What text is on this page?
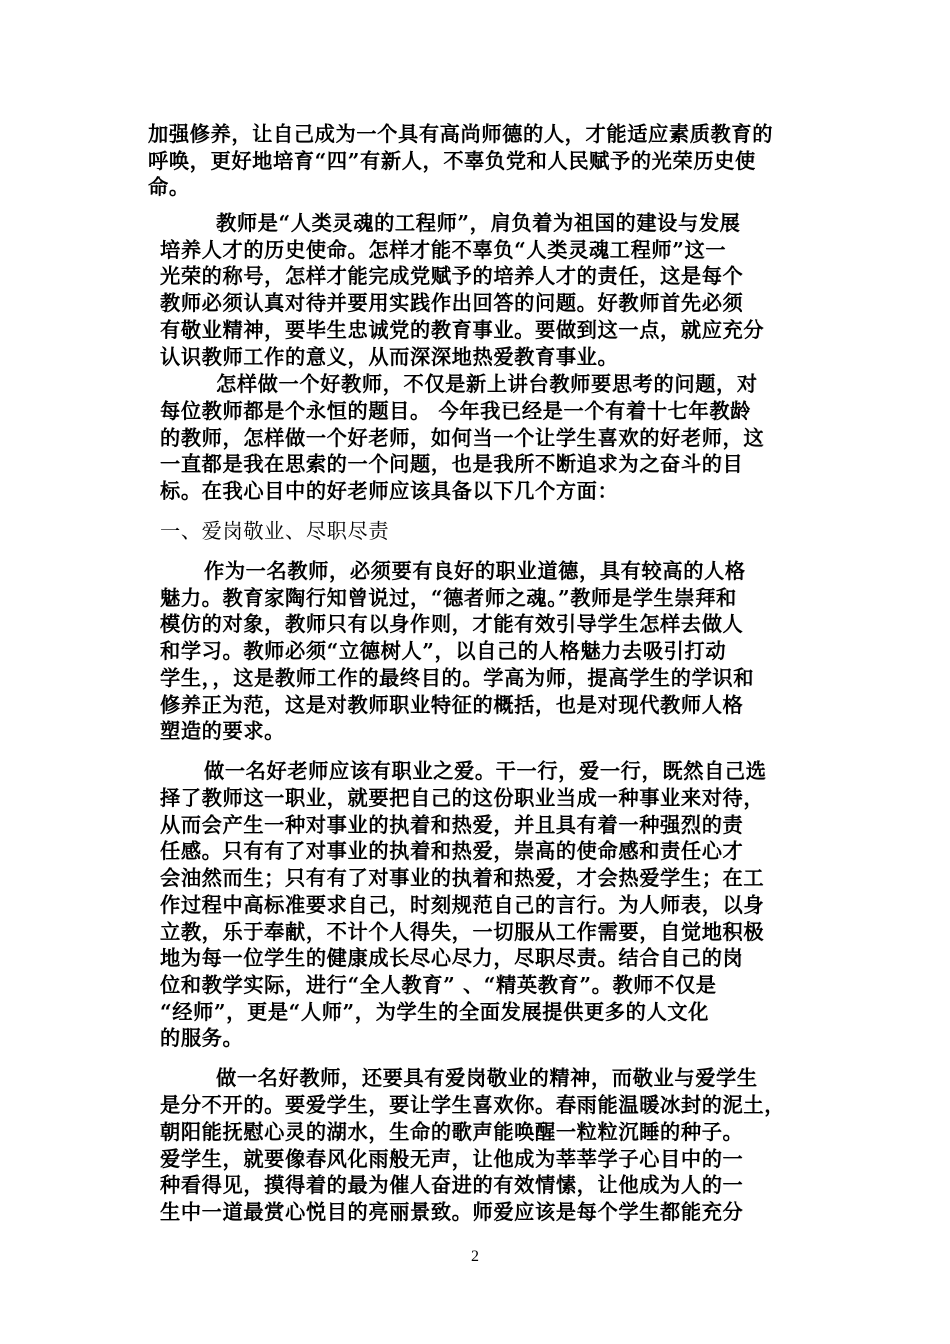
加强修养，让自己成为一个具有高尚师德的人，才能适应素质教育的
呼唤，更好地培育“四”有新人，不辜负党和人民赋予的光荣历史使
命。
教师是“人类灵魂的工程师”，肩负着为祖国的建设与发展
培养人才的历史使命。怎样才能不辜负“人类灵魂工程师”这一
光荣的称号，怎样才能完成党赋予的培养人才的责任，这是每个
教师必须认真对待并要用实践作出回答的问题。好教师首先必须
有敬业精神，要毕生忠诚党的教育事业。要做到这一点，就应充分
认识教师工作的意义，从而深深地热爱教育事业。
怎样做一个好教师，不仅是新上讲台教师要思考的问题，对
每位教师都是个永恒的题目。 今年我已经是一个有着十七年教龄
的教师，怎样做一个好老师，如何当一个让学生喜欢的好老师，这
一直都是我在思索的一个问题，也是我所不断追求为之奋斗的目
标。在我心目中的好老师应该具备以下几个方面：
一、爱岗敬业、尽职尽责
作为一名教师，必须要有良好的职业道德，具有较高的人格
魅力。教育家陶行知曾说过，“德者师之魂。”教师是学生崇拜和
模仿的对象，教师只有以身作则，才能有效引导学生怎样去做人
和学习。教师必须“立德树人”，以自己的人格魅力去吸引打动
学生，，这是教师工作的最终目的。学高为师，提高学生的学识和
修养正为范，这是对教师职业特征的概括，也是对现代教师人格
塑造的要求。
做一名好老师应该有职业之爱。干一行，爱一行，既然自己选
择了教师这一职业，就要把自己的这份职业当成一种事业来对待，
从而会产生一种对事业的执着和热爱，并且具有着一种强烈的责
任感。只有有了对事业的执着和热爱，崇高的使命感和责任心才
会油然而生；只有有了对事业的执着和热爱，才会热爱学生；在工
作过程中高标准要求自己，时刻规范自己的言行。为人师表，以身
立教，乐于奉献，不计个人得失，一切服从工作需要，自觉地积极
地为每一位学生的健康成长尽心尽力，尽职尽责。结合自己的岗
位和教学实际，进行“全人教育” 、“精英教育”。教师不仅是
“经师”，更是“人师”，为学生的全面发展提供更多的人文化
的服务。
做一名好教师，还要具有爱岗敬业的精神，而敬业与爱学生
是分不开的。要爱学生，要让学生喜欢你。春雨能温暖冰封的泥土，
朝阳能抚慰心灵的湖水，生命的歌声能唤醒一粒粒沉睡的种子。
爱学生，就要像春风化雨般无声，让他成为莘莘学子心目中的一
种看得见，摸得着的最为催人奋进的有效情愫，让他成为人的一
生中一道最赏心悦目的亮丽景致。师爱应该是每个学生都能充分
2
